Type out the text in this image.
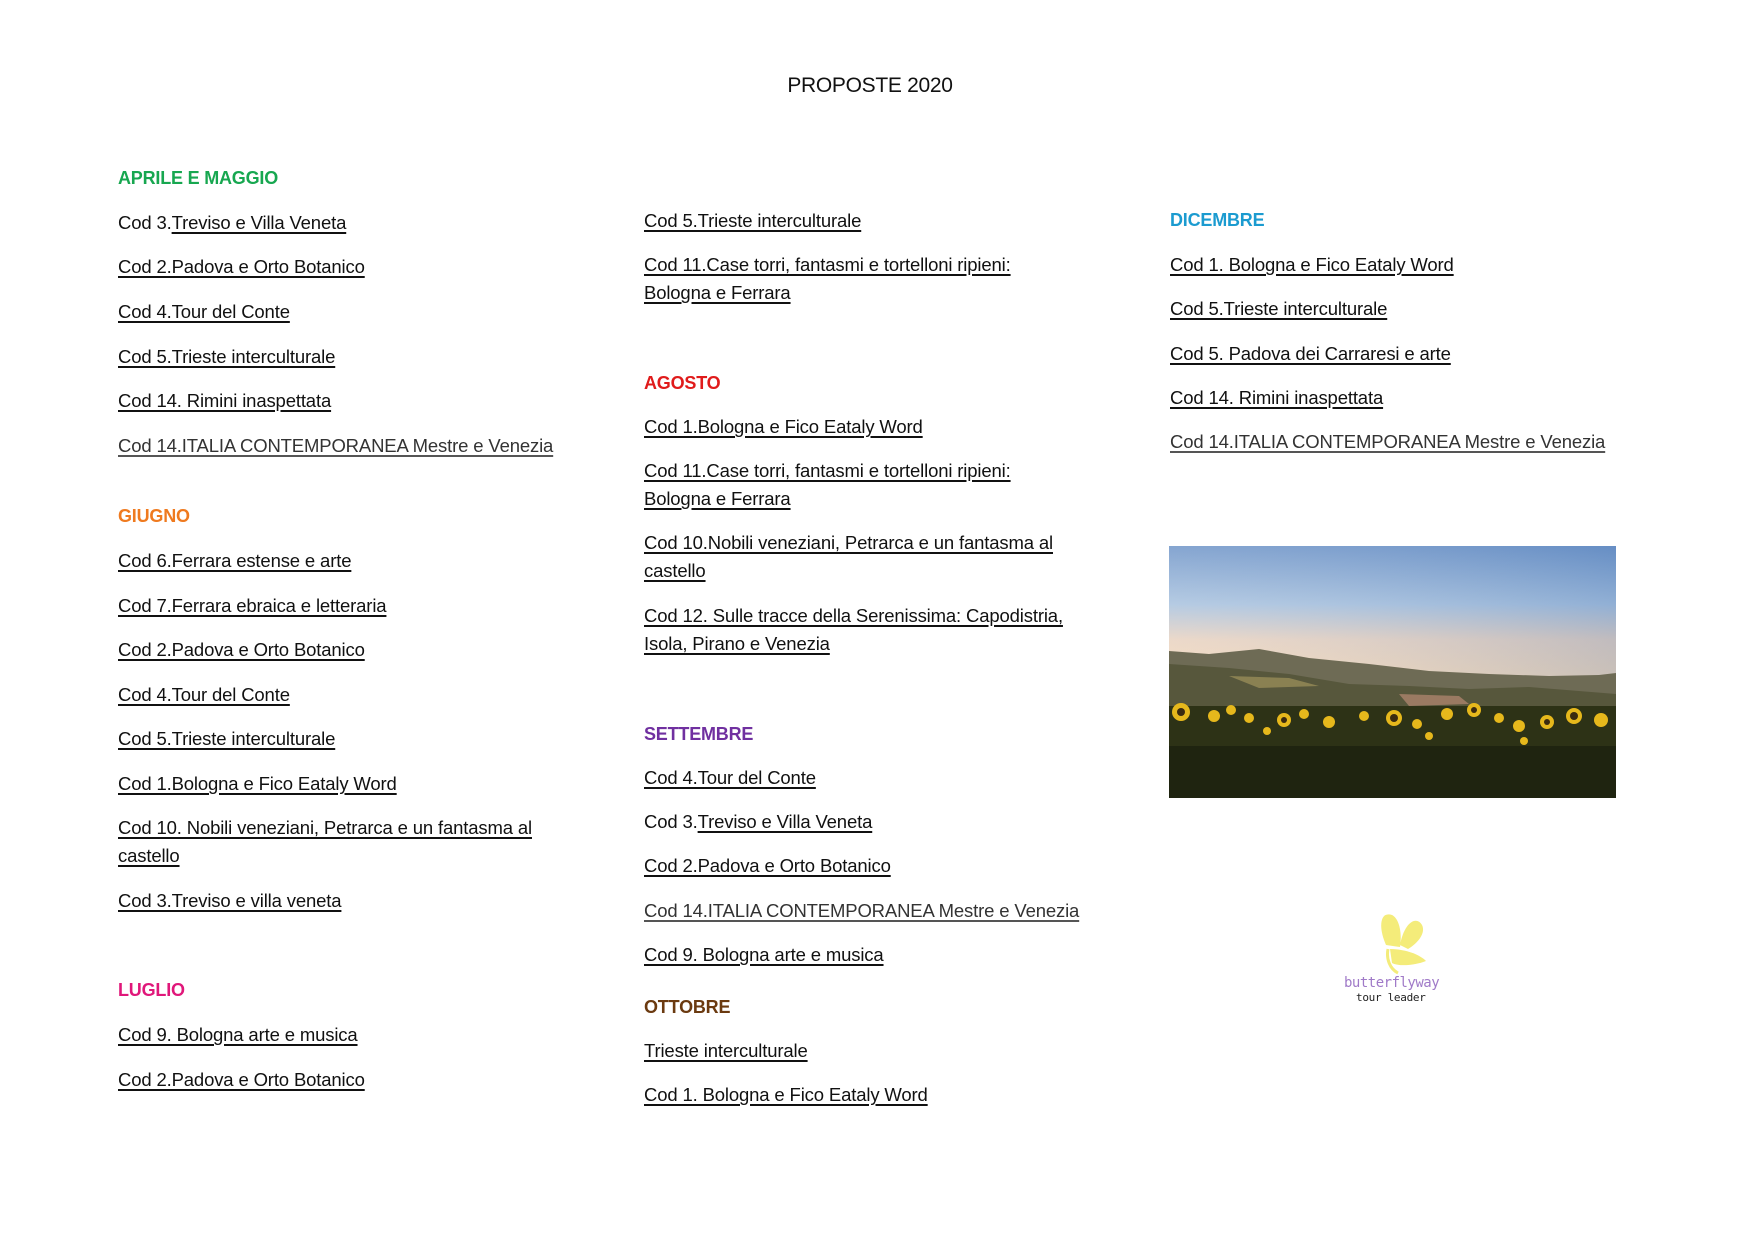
PROPOSTE 2020
APRILE E MAGGIO
Cod 3.Treviso e Villa Veneta
Cod 2.Padova e Orto Botanico
Cod 4.Tour del Conte
Cod 5.Trieste interculturale
Cod 14. Rimini inaspettata
Cod 14.ITALIA CONTEMPORANEA Mestre e Venezia
GIUGNO
Cod 6.Ferrara estense e arte
Cod 7.Ferrara ebraica e letteraria
Cod 2.Padova e Orto Botanico
Cod 4.Tour del Conte
Cod 5.Trieste interculturale
Cod 1.Bologna e Fico Eataly Word
Cod 10. Nobili veneziani, Petrarca e un fantasma al castello
Cod 3.Treviso e villa veneta
LUGLIO
Cod 9. Bologna arte e musica
Cod 2.Padova e Orto Botanico
Cod 5.Trieste interculturale
Cod 11.Case torri, fantasmi e tortelloni ripieni: Bologna e Ferrara
AGOSTO
Cod 1.Bologna e Fico Eataly Word
Cod 11.Case torri, fantasmi e tortelloni ripieni: Bologna e Ferrara
Cod 10.Nobili veneziani, Petrarca e un fantasma al castello
Cod 12. Sulle tracce della Serenissima: Capodistria, Isola, Pirano e Venezia
SETTEMBRE
Cod 4.Tour del Conte
Cod 3.Treviso e Villa Veneta
Cod 2.Padova e Orto Botanico
Cod 14.ITALIA CONTEMPORANEA Mestre e Venezia
Cod 9. Bologna arte e musica
OTTOBRE
Trieste interculturale
Cod 1. Bologna e Fico Eataly Word
DICEMBRE
Cod 1. Bologna e Fico Eataly Word
Cod 5.Trieste interculturale
Cod 5. Padova dei Carraresi e arte
Cod 14. Rimini inaspettata
Cod 14.ITALIA CONTEMPORANEA Mestre e Venezia
butterflyway
tour leader
